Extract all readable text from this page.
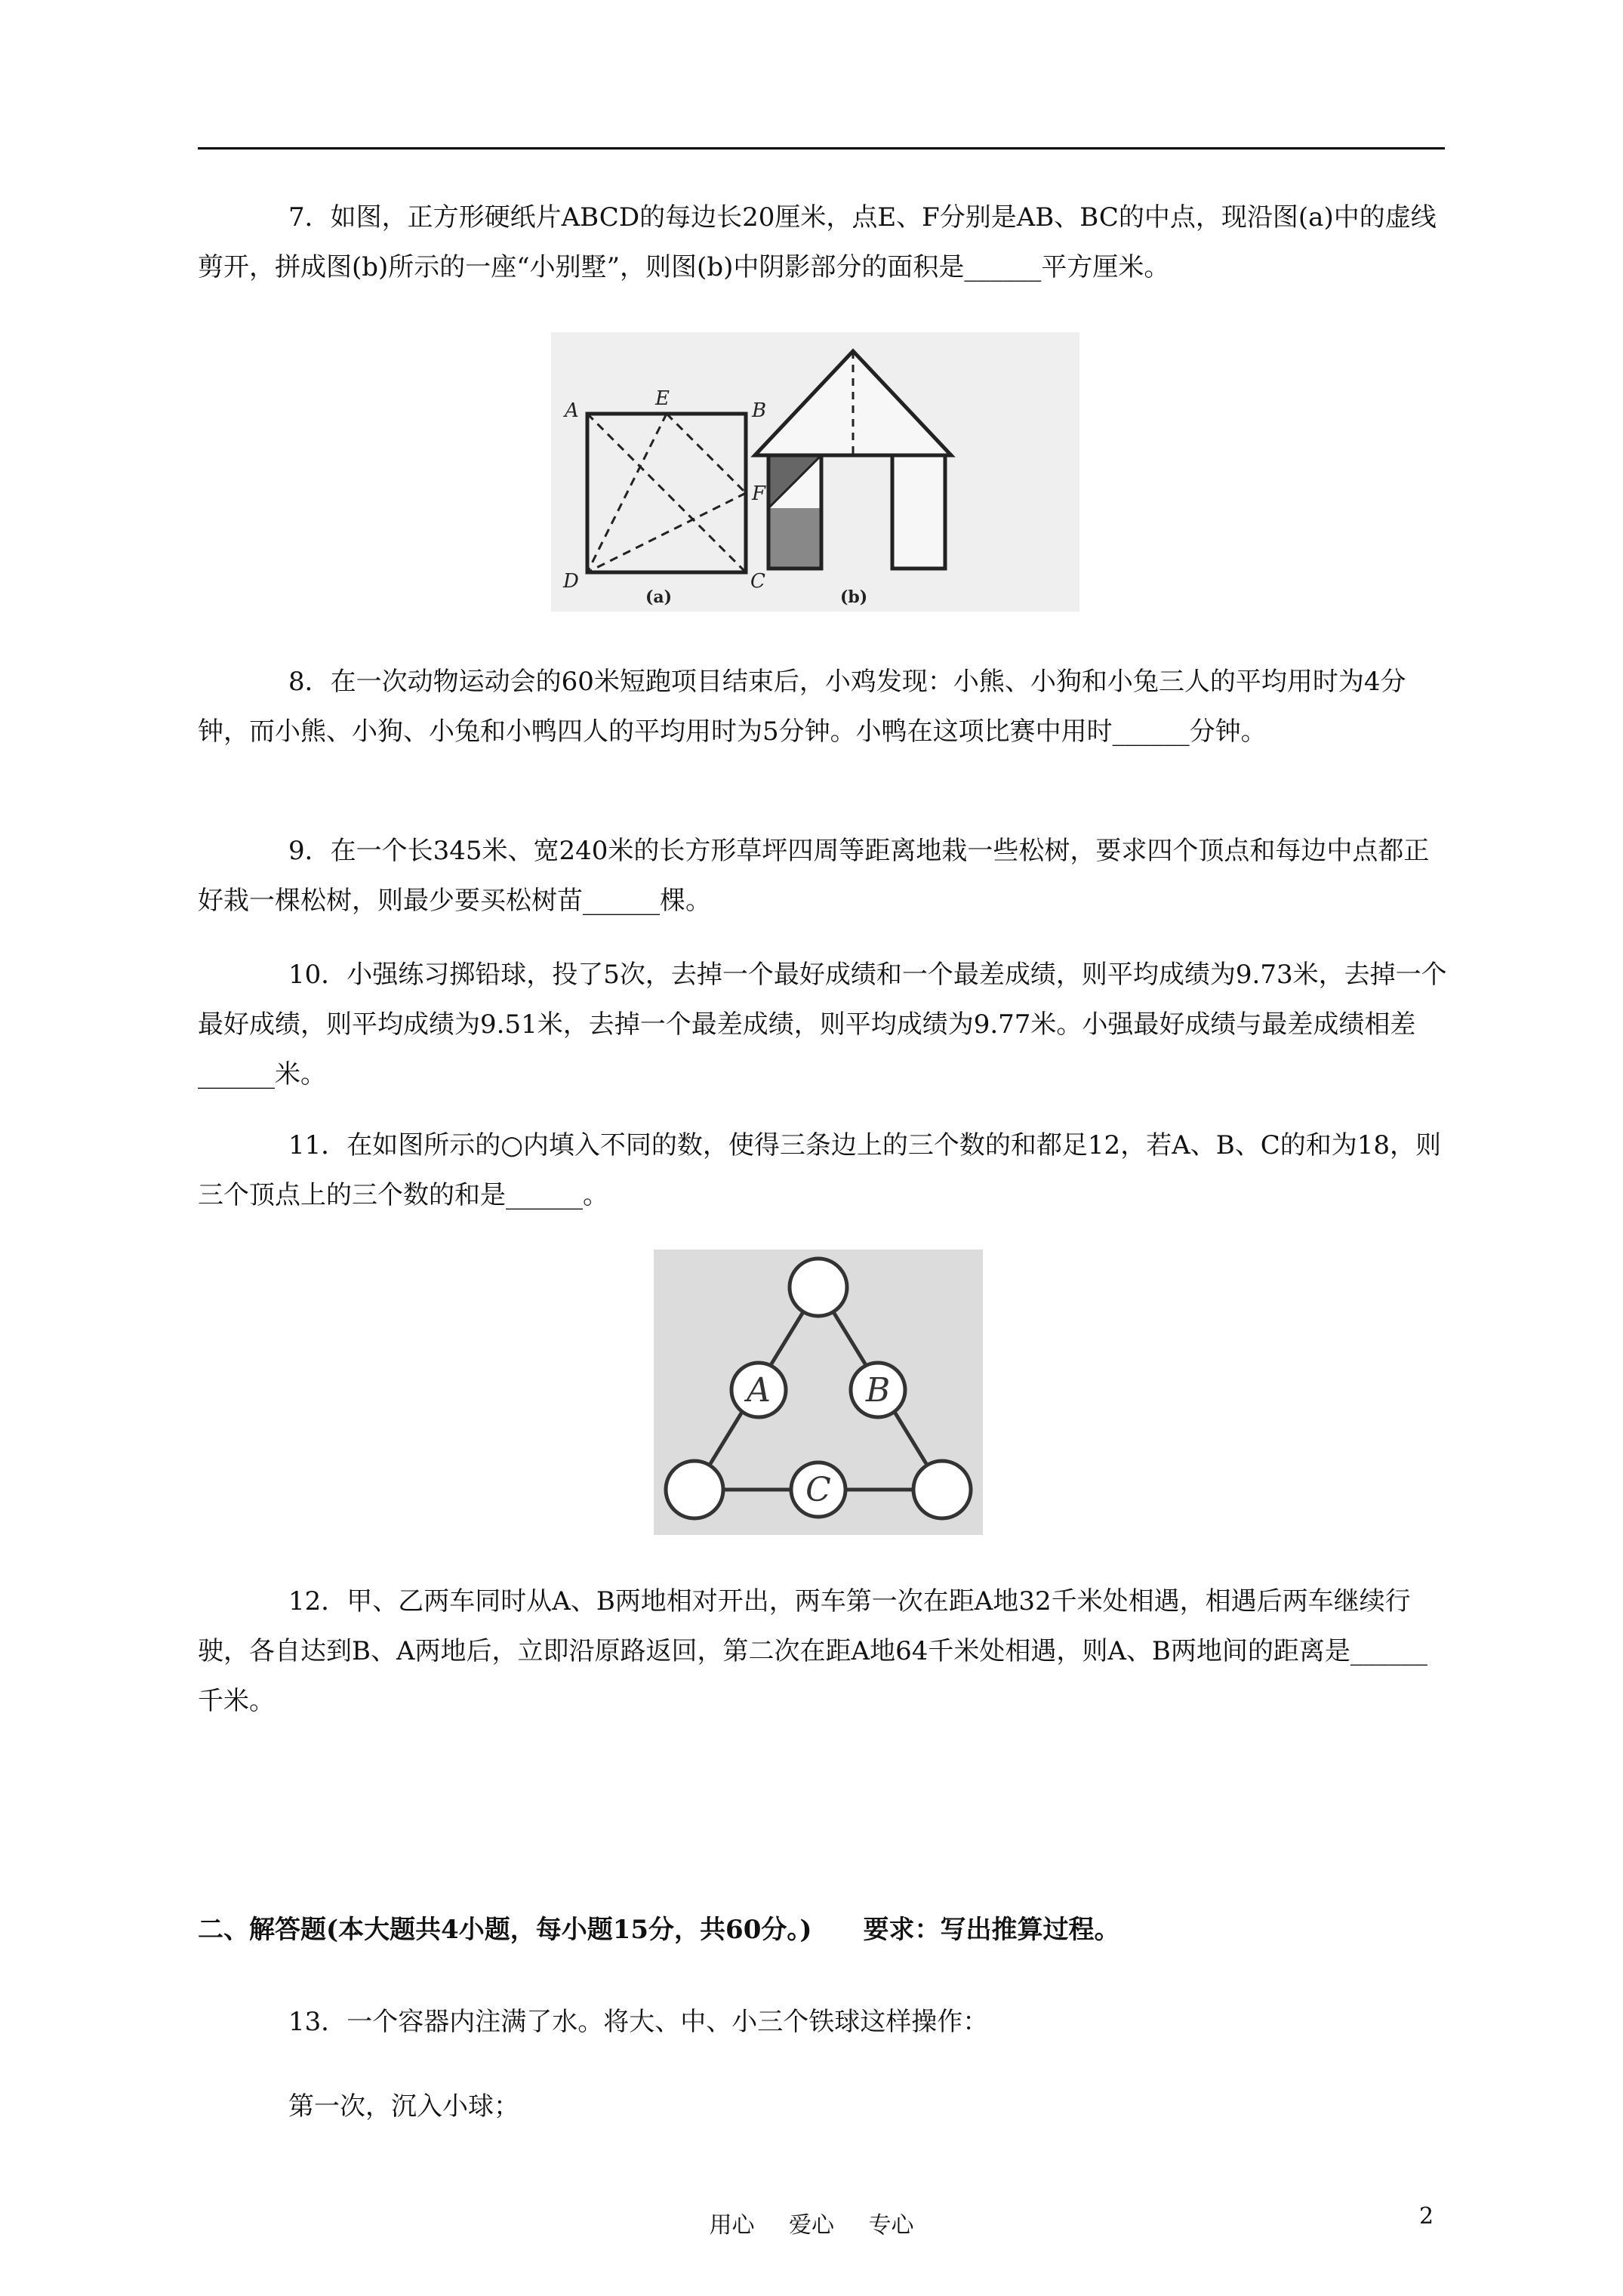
7．如图，正方形硬纸片ABCD的每边长20厘米，点E、F分别是AB、BC的中点，现沿图(a)中的虚线剪开，拼成图(b)所示的一座“小别墅”，则图(b)中阴影部分的面积是______平方厘米。

A
E
B
F
D	C
(a)	(b)

8．在一次动物运动会的60米短跑项目结束后，小鸡发现：小熊、小狗和小兔三人的平均用时为4分钟，而小熊、小狗、小兔和小鸭四人的平均用时为5分钟。小鸭在这项比赛中用时______分钟。

9．在一个长345米、宽240米的长方形草坪四周等距离地栽一些松树，要求四个顶点和每边中点都正好栽一棵松树，则最少要买松树苗______棵。

10．小强练习掷铅球，投了5次，去掉一个最好成绩和一个最差成绩，则平均成绩为9.73米，去掉一个最好成绩，则平均成绩为9.51米，去掉一个最差成绩，则平均成绩为9.77米。小强最好成绩与最差成绩相差______米。

11．在如图所示的○内填入不同的数，使得三条边上的三个数的和都足12，若A、B、C的和为18，则三个顶点上的三个数的和是______。

A	B
C

12．甲、乙两车同时从A、B两地相对开出，两车第一次在距A地32千米处相遇，相遇后两车继续行驶，各自达到B、A两地后，立即沿原路返回，第二次在距A地64千米处相遇，则A、B两地间的距离是______千米。

二、解答题(本大题共4小题，每小题15分，共60分。)　　要求：写出推算过程。

13．一个容器内注满了水。将大、中、小三个铁球这样操作：

第一次，沉入小球；

用心 爱心 专心	2
